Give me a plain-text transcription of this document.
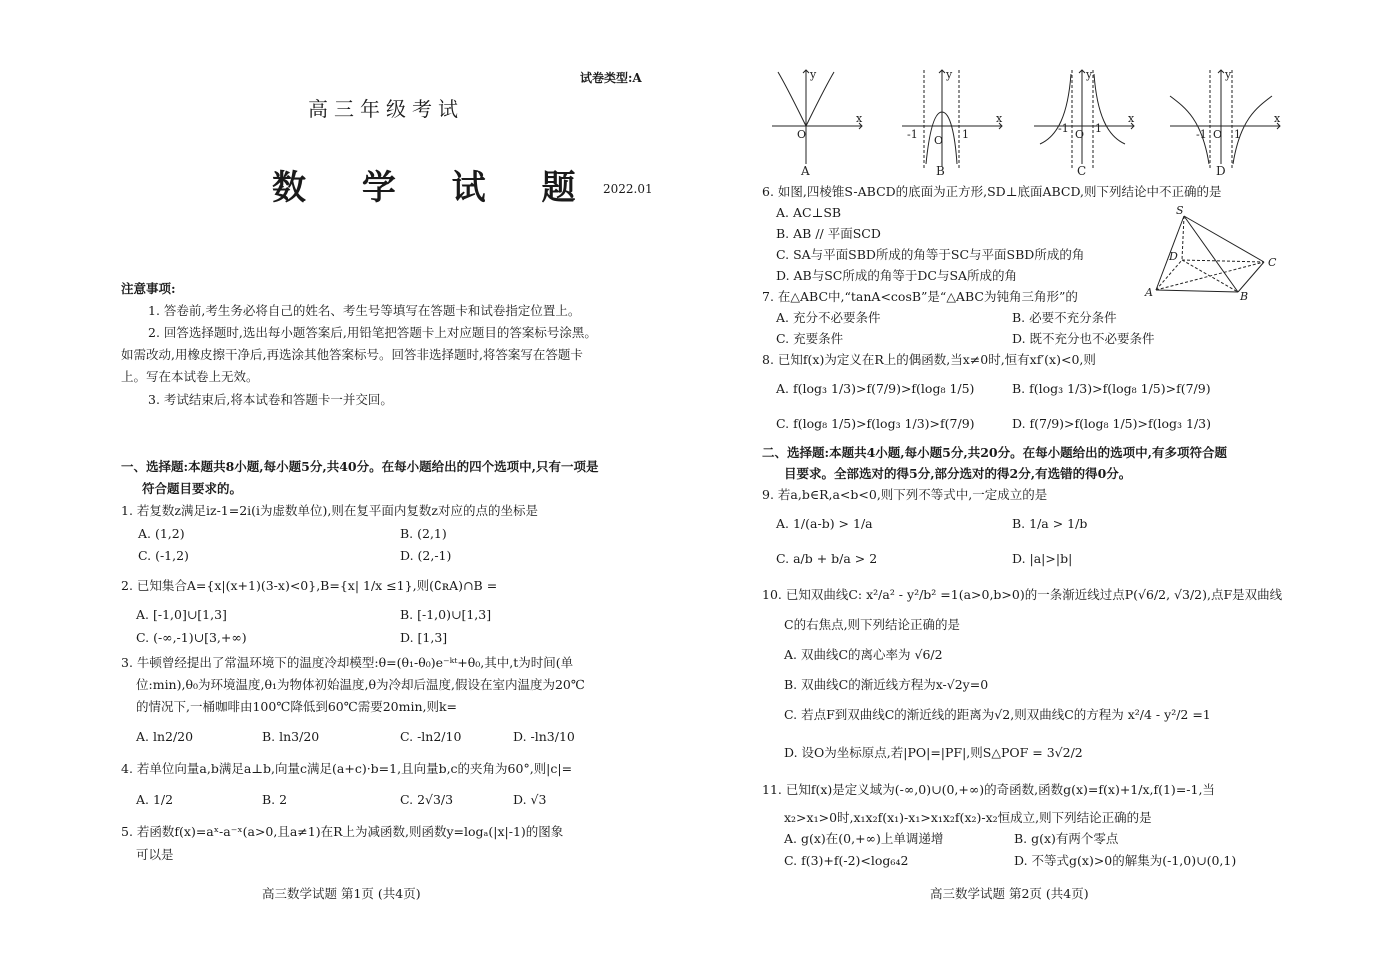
试卷类型:A
高三年级考试
数 学 试 题 2022.01
注意事项:
1. 答卷前,考生务必将自己的姓名、考生号等填写在答题卡和试卷指定位置上。
2. 回答选择题时,选出每小题答案后,用铅笔把答题卡上对应题目的答案标号涂黑。
如需改动,用橡皮擦干净后,再选涂其他答案标号。回答非选择题时,将答案写在答题卡
上。写在本试卷上无效。
3. 考试结束后,将本试卷和答题卡一并交回。
一、选择题:本题共8小题,每小题5分,共40分。在每小题给出的四个选项中,只有一项是
符合题目要求的。
1. 若复数z满足iz-1=2i(i为虚数单位),则在复平面内复数z对应的点的坐标是
A. (1,2)	B. (2,1)
C. (-1,2)	D. (2,-1)
2. 已知集合A={x|(x+1)(3-x)<0},B={x| 1/x ≤1},则(∁ʀA)∩B =
A. [-1,0]∪[1,3]	B. [-1,0)∪[1,3]
C. (-∞,-1)∪[3,+∞)	D. [1,3]
3. 牛顿曾经提出了常温环境下的温度冷却模型:θ=(θ₁-θ₀)e⁻ᵏᵗ+θ₀,其中,t为时间(单
位:min),θ₀为环境温度,θ₁为物体初始温度,θ为冷却后温度,假设在室内温度为20℃
的情况下,一桶咖啡由100℃降低到60℃需要20min,则k=
A. ln2/20	B. ln3/20	C. -ln2/10	D. -ln3/10
4. 若单位向量a,b满足a⊥b,向量c满足(a+c)·b=1,且向量b,c的夹角为60°,则|c|=
A. 1/2	B. 2	C. 2√3/3	D. √3
5. 若函数f(x)=aˣ-a⁻ˣ(a>0,且a≠1)在R上为减函数,则函数y=logₐ(|x|-1)的图象
可以是
高三数学试题 第1页 (共4页)
x
y
O
x
y
-1 O 1
x
y
-1 O 1
x
y
-1 O 1
A	B	C	D
6. 如图,四棱锥S-ABCD的底面为正方形,SD⊥底面ABCD,则下列结论中不正确的是
A. AC⊥SB
B. AB // 平面SCD
C. SA与平面SBD所成的角等于SC与平面SBD所成的角
D. AB与SC所成的角等于DC与SA所成的角
S
D	C
A	B
7. 在△ABC中,“tanA<cosB”是“△ABC为钝角三角形”的
A. 充分不必要条件	B. 必要不充分条件
C. 充要条件	D. 既不充分也不必要条件
8. 已知f(x)为定义在R上的偶函数,当x≠0时,恒有xf′(x)<0,则
A. f(log₃ 1/3)>f(7/9)>f(log₈ 1/5)	B. f(log₃ 1/3)>f(log₈ 1/5)>f(7/9)
C. f(log₈ 1/5)>f(log₃ 1/3)>f(7/9)	D. f(7/9)>f(log₈ 1/5)>f(log₃ 1/3)
二、选择题:本题共4小题,每小题5分,共20分。在每小题给出的选项中,有多项符合题
目要求。全部选对的得5分,部分选对的得2分,有选错的得0分。
9. 若a,b∈R,a<b<0,则下列不等式中,一定成立的是
A. 1/(a-b) > 1/a	B. 1/a > 1/b
C. a/b + b/a > 2	D. |a|>|b|
10. 已知双曲线C: x²/a² - y²/b² =1(a>0,b>0)的一条渐近线过点P(√6/2, √3/2),点F是双曲线
C的右焦点,则下列结论正确的是
A. 双曲线C的离心率为 √6/2
B. 双曲线C的渐近线方程为x-√2y=0
C. 若点F到双曲线C的渐近线的距离为√2,则双曲线C的方程为 x²/4 - y²/2 =1
D. 设O为坐标原点,若|PO|=|PF|,则S△POF = 3√2/2
11. 已知f(x)是定义域为(-∞,0)∪(0,+∞)的奇函数,函数g(x)=f(x)+1/x,f(1)=-1,当
x₂>x₁>0时,x₁x₂f(x₁)-x₁>x₁x₂f(x₂)-x₂恒成立,则下列结论正确的是
A. g(x)在(0,+∞)上单调递增	B. g(x)有两个零点
C. f(3)+f(-2)<log₆₄2	D. 不等式g(x)>0的解集为(-1,0)∪(0,1)
高三数学试题 第2页 (共4页)
